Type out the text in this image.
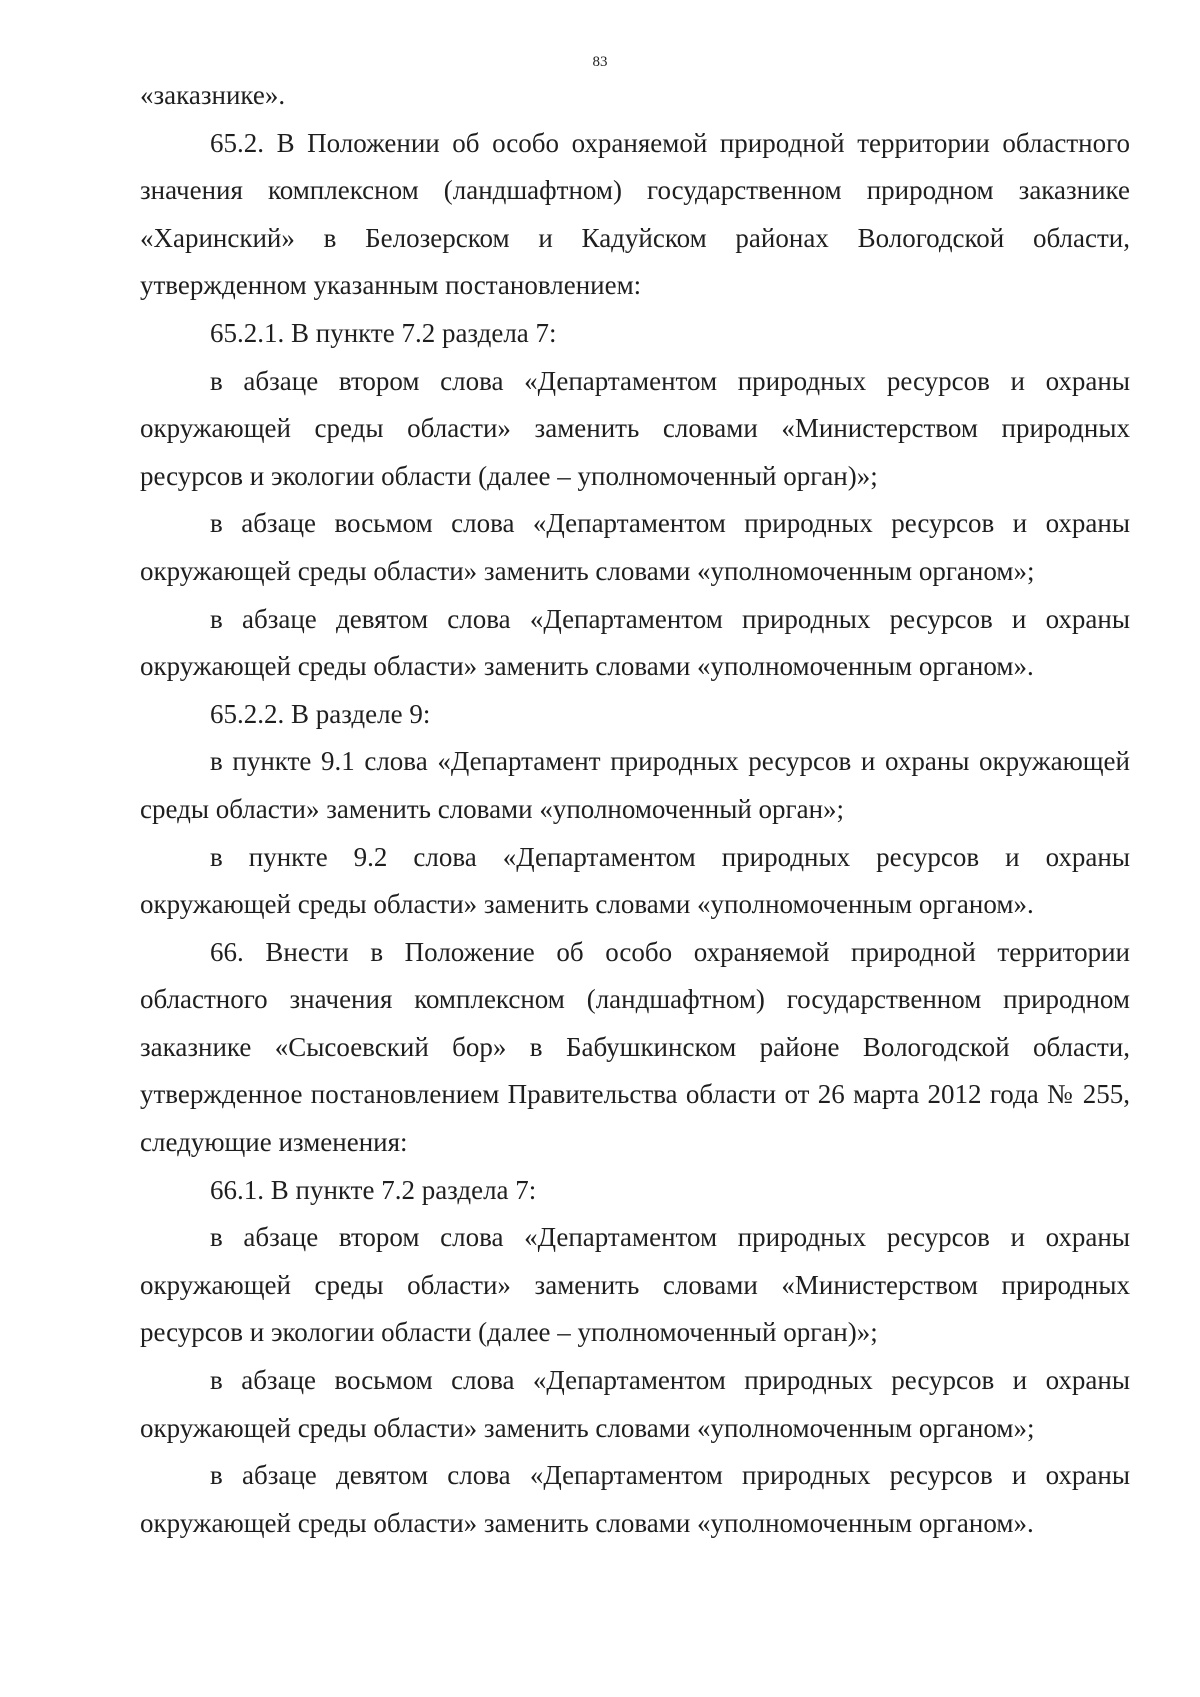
83

«заказнике».

65.2. В Положении об особо охраняемой природной территории областного значения комплексном (ландшафтном) государственном природном заказнике «Харинский» в Белозерском и Кадуйском районах Вологодской области, утвержденном указанным постановлением:

65.2.1. В пункте 7.2 раздела 7:

в абзаце втором слова «Департаментом природных ресурсов и охраны окружающей среды области» заменить словами «Министерством природных ресурсов и экологии области (далее – уполномоченный орган)»;

в абзаце восьмом слова «Департаментом природных ресурсов и охраны окружающей среды области» заменить словами «уполномоченным органом»;

в абзаце девятом слова «Департаментом природных ресурсов и охраны окружающей среды области» заменить словами «уполномоченным органом».

65.2.2. В разделе 9:

в пункте 9.1 слова «Департамент природных ресурсов и охраны окружающей среды области» заменить словами «уполномоченный орган»;

в пункте 9.2 слова «Департаментом природных ресурсов и охраны окружающей среды области» заменить словами «уполномоченным органом».

66. Внести в Положение об особо охраняемой природной территории областного значения комплексном (ландшафтном) государственном природном заказнике «Сысоевский бор» в Бабушкинском районе Вологодской области, утвержденное постановлением Правительства области от 26 марта 2012 года № 255, следующие изменения:

66.1. В пункте 7.2 раздела 7:

в абзаце втором слова «Департаментом природных ресурсов и охраны окружающей среды области» заменить словами «Министерством природных ресурсов и экологии области (далее – уполномоченный орган)»;

в абзаце восьмом слова «Департаментом природных ресурсов и охраны окружающей среды области» заменить словами «уполномоченным органом»;

в абзаце девятом слова «Департаментом природных ресурсов и охраны окружающей среды области» заменить словами «уполномоченным органом».
